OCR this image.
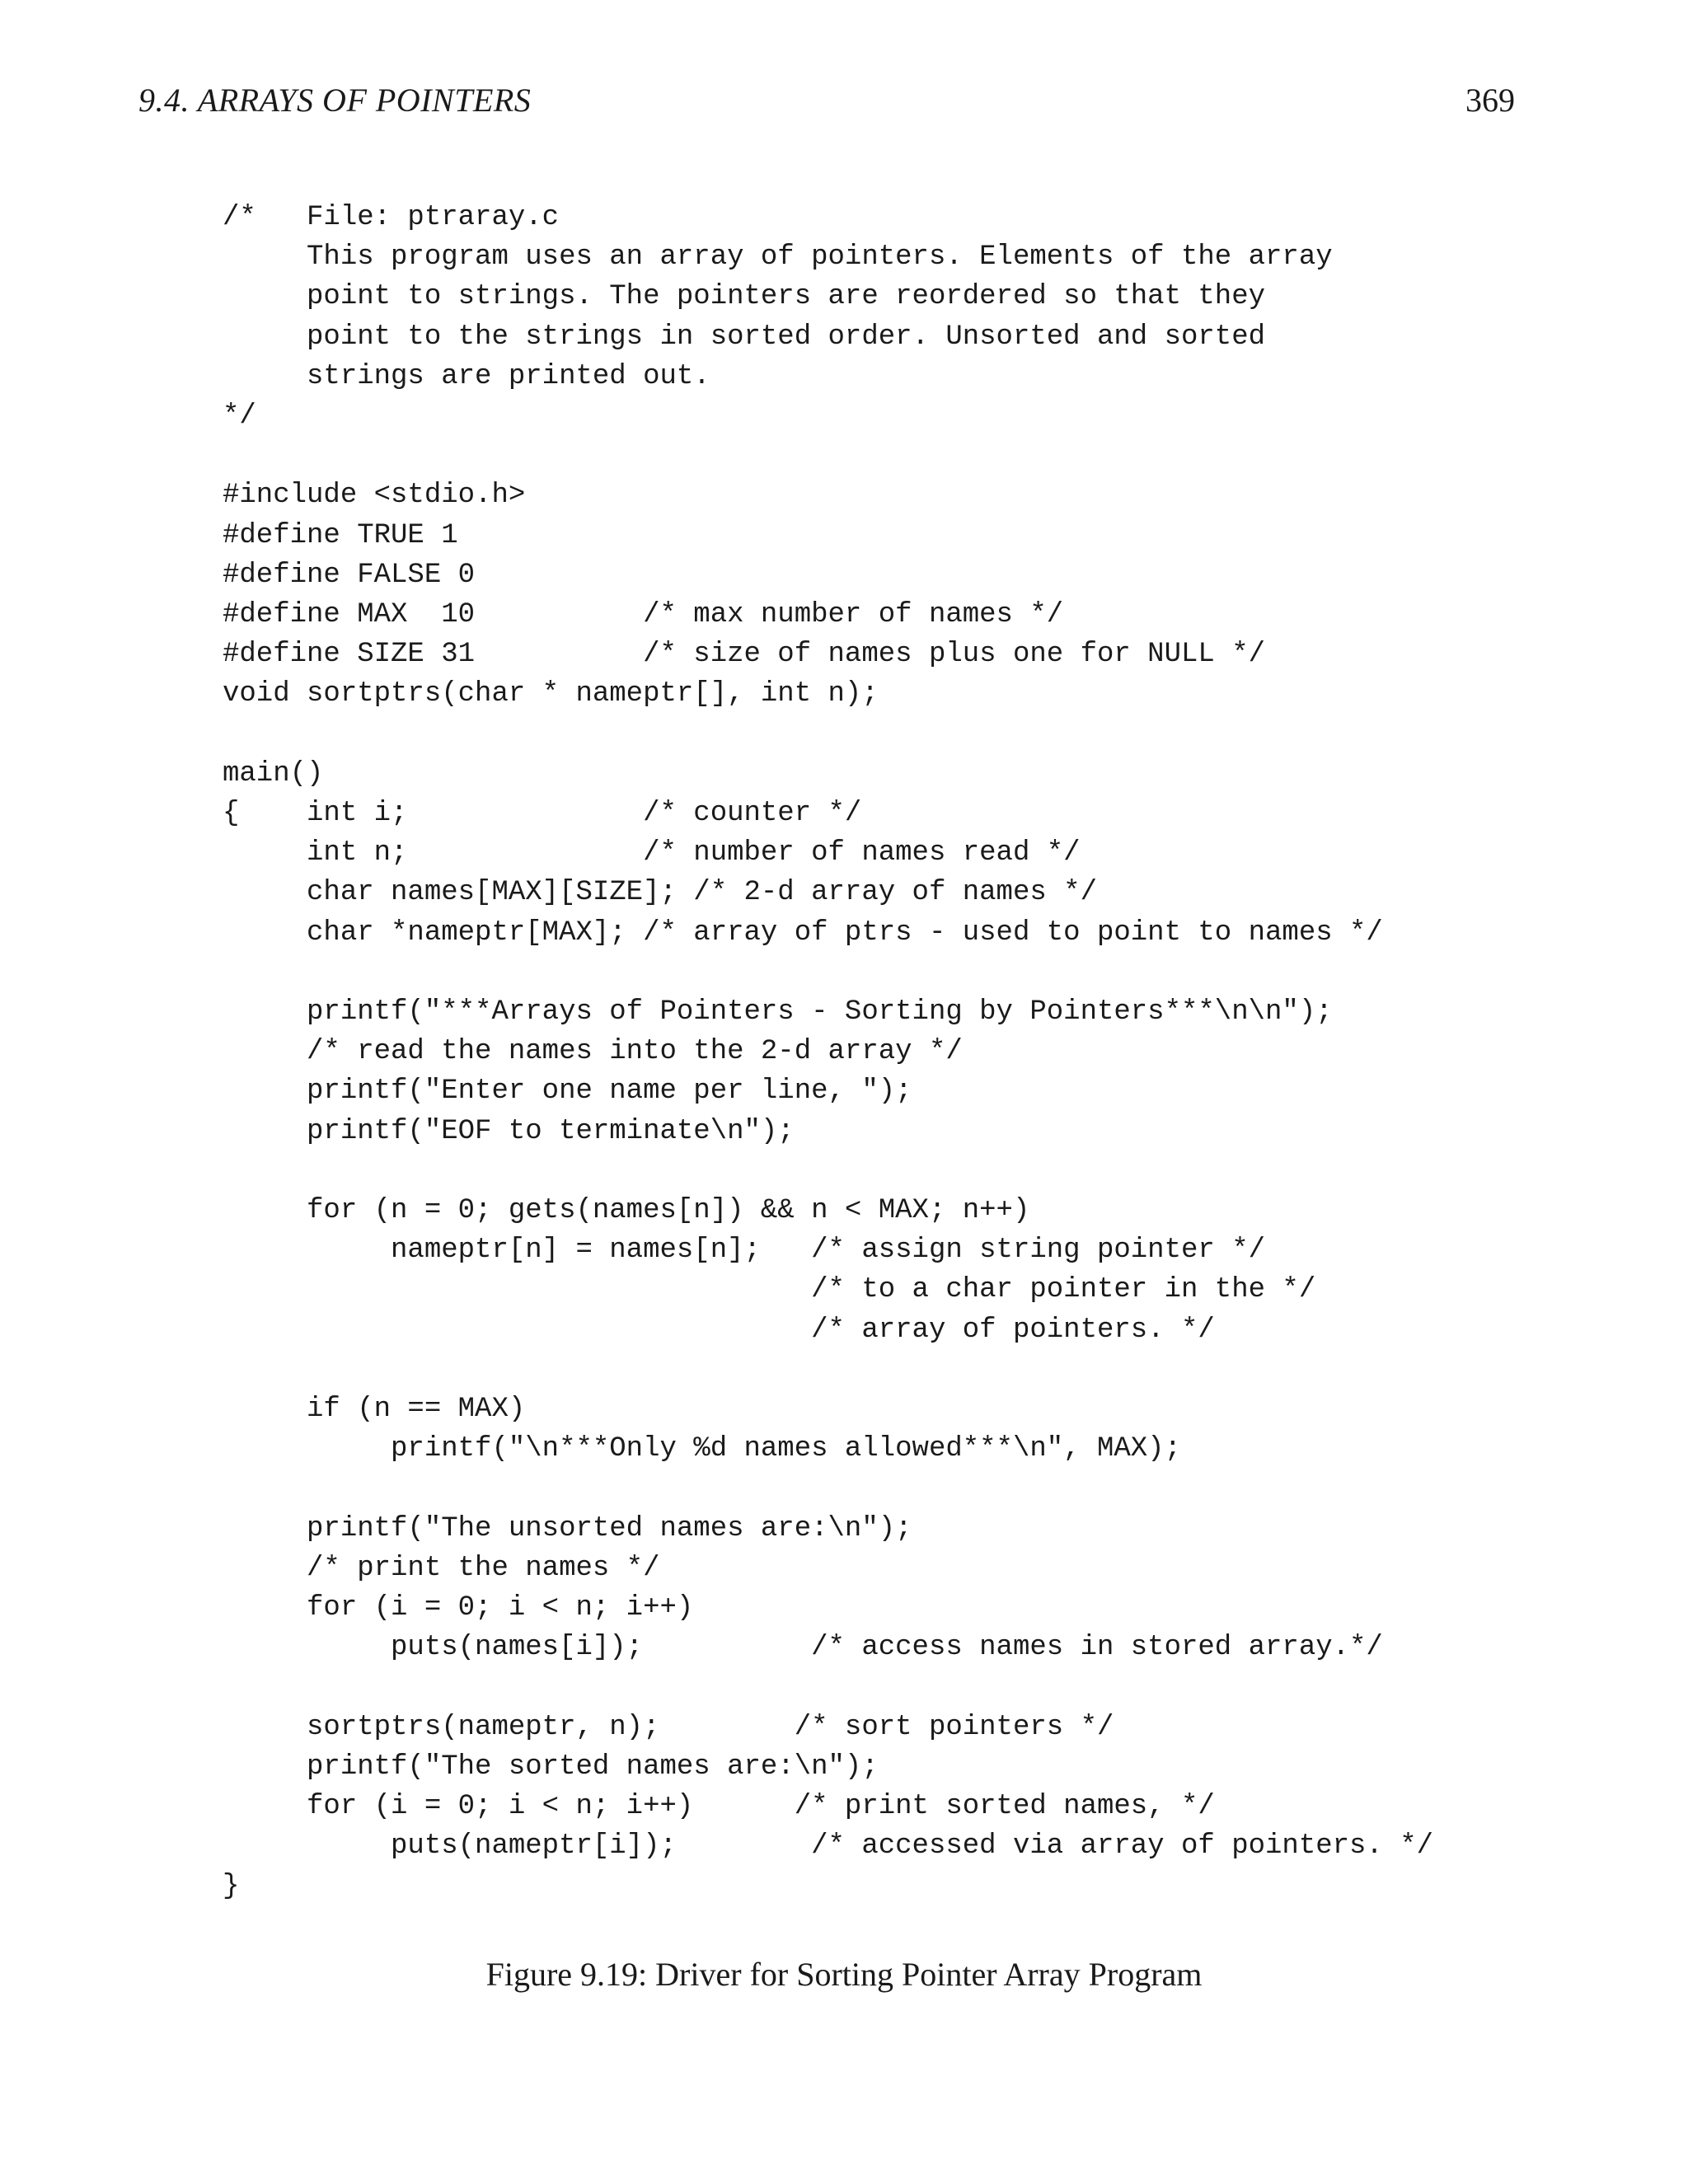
9.4. ARRAYS OF POINTERS	369
/*   File: ptraray.c
This program uses an array of pointers. Elements of the array
point to strings. The pointers are reordered so that they
point to the strings in sorted order. Unsorted and sorted
strings are printed out.
*/

#include <stdio.h>
#define TRUE 1
#define FALSE 0
#define MAX  10          /* max number of names */
#define SIZE 31          /* size of names plus one for NULL */
void sortptrs(char * nameptr[], int n);

main()
{    int i;              /* counter */
int n;              /* number of names read */
char names[MAX][SIZE]; /* 2-d array of names */
char *nameptr[MAX]; /* array of ptrs - used to point to names */

printf("***Arrays of Pointers - Sorting by Pointers***\n\n");
/* read the names into the 2-d array */
printf("Enter one name per line, ");
printf("EOF to terminate\n");

for (n = 0; gets(names[n]) && n < MAX; n++)
nameptr[n] = names[n];   /* assign string pointer */
/* to a char pointer in the */
/* array of pointers. */

if (n == MAX)
printf("\n***Only %d names allowed***\n", MAX);

printf("The unsorted names are:\n");
/* print the names */
for (i = 0; i < n; i++)
puts(names[i]);          /* access names in stored array.*/

sortptrs(nameptr, n);        /* sort pointers */
printf("The sorted names are:\n");
for (i = 0; i < n; i++)      /* print sorted names, */
puts(nameptr[i]);        /* accessed via array of pointers. */
}
Figure 9.19: Driver for Sorting Pointer Array Program
